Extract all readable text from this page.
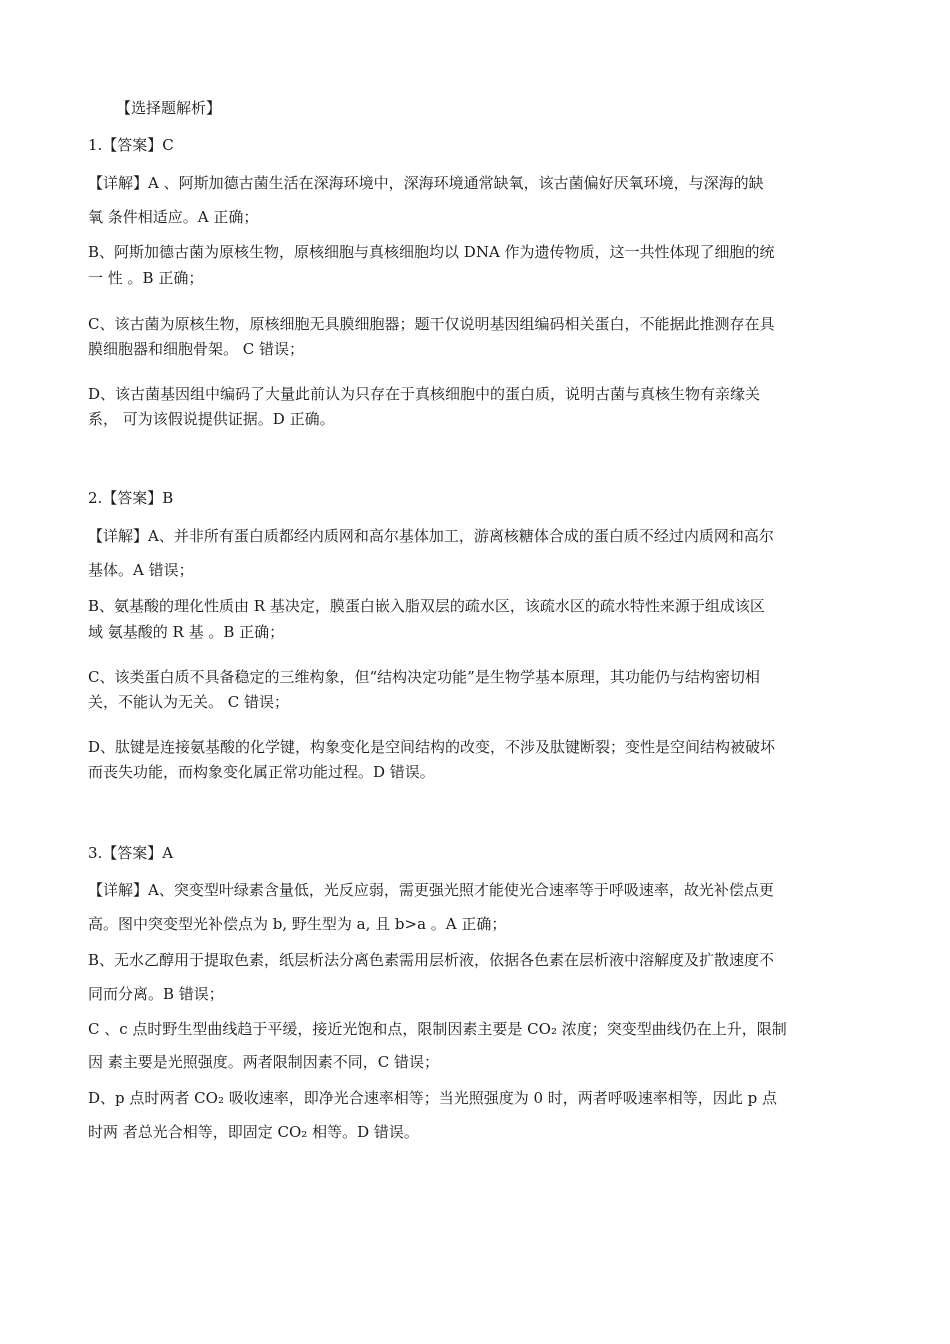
【选择题解析】
1.【答案】C
【详解】A 、阿斯加德古菌生活在深海环境中，深海环境通常缺氧，该古菌偏好厌氧环境，与深海的缺
氧 条件相适应。A 正确；
B、阿斯加德古菌为原核生物，原核细胞与真核细胞均以 DNA 作为遗传物质，这一共性体现了细胞的统
一 性 。B 正确；
C、该古菌为原核生物，原核细胞无具膜细胞器；题干仅说明基因组编码相关蛋白，不能据此推测存在具
膜细胞器和细胞骨架。 C 错误；
D、该古菌基因组中编码了大量此前认为只存在于真核细胞中的蛋白质，说明古菌与真核生物有亲缘关
系， 可为该假说提供证据。D 正确。
2.【答案】B
【详解】A、并非所有蛋白质都经内质网和高尔基体加工，游离核糖体合成的蛋白质不经过内质网和高尔
基体。A 错误；
B、氨基酸的理化性质由 R 基决定，膜蛋白嵌入脂双层的疏水区，该疏水区的疏水特性来源于组成该区
域 氨基酸的 R 基 。B 正确；
C、该类蛋白质不具备稳定的三维构象，但“结构决定功能”是生物学基本原理，其功能仍与结构密切相
关，不能认为无关。 C 错误；
D、肽键是连接氨基酸的化学键，构象变化是空间结构的改变，不涉及肽键断裂；变性是空间结构被破坏
而丧失功能，而构象变化属正常功能过程。D 错误。
3.【答案】A
【详解】A、突变型叶绿素含量低，光反应弱，需更强光照才能使光合速率等于呼吸速率，故光补偿点更
高。图中突变型光补偿点为 b, 野生型为 a, 且 b>a 。A 正确；
B、无水乙醇用于提取色素，纸层析法分离色素需用层析液，依据各色素在层析液中溶解度及扩散速度不
同而分离。B 错误；
C 、c 点时野生型曲线趋于平缓，接近光饱和点，限制因素主要是 CO₂ 浓度；突变型曲线仍在上升，限制
因 素主要是光照强度。两者限制因素不同，C 错误；
D、p 点时两者 CO₂ 吸收速率，即净光合速率相等；当光照强度为 0 时，两者呼吸速率相等，因此 p 点
时两 者总光合相等，即固定 CO₂ 相等。D 错误。
